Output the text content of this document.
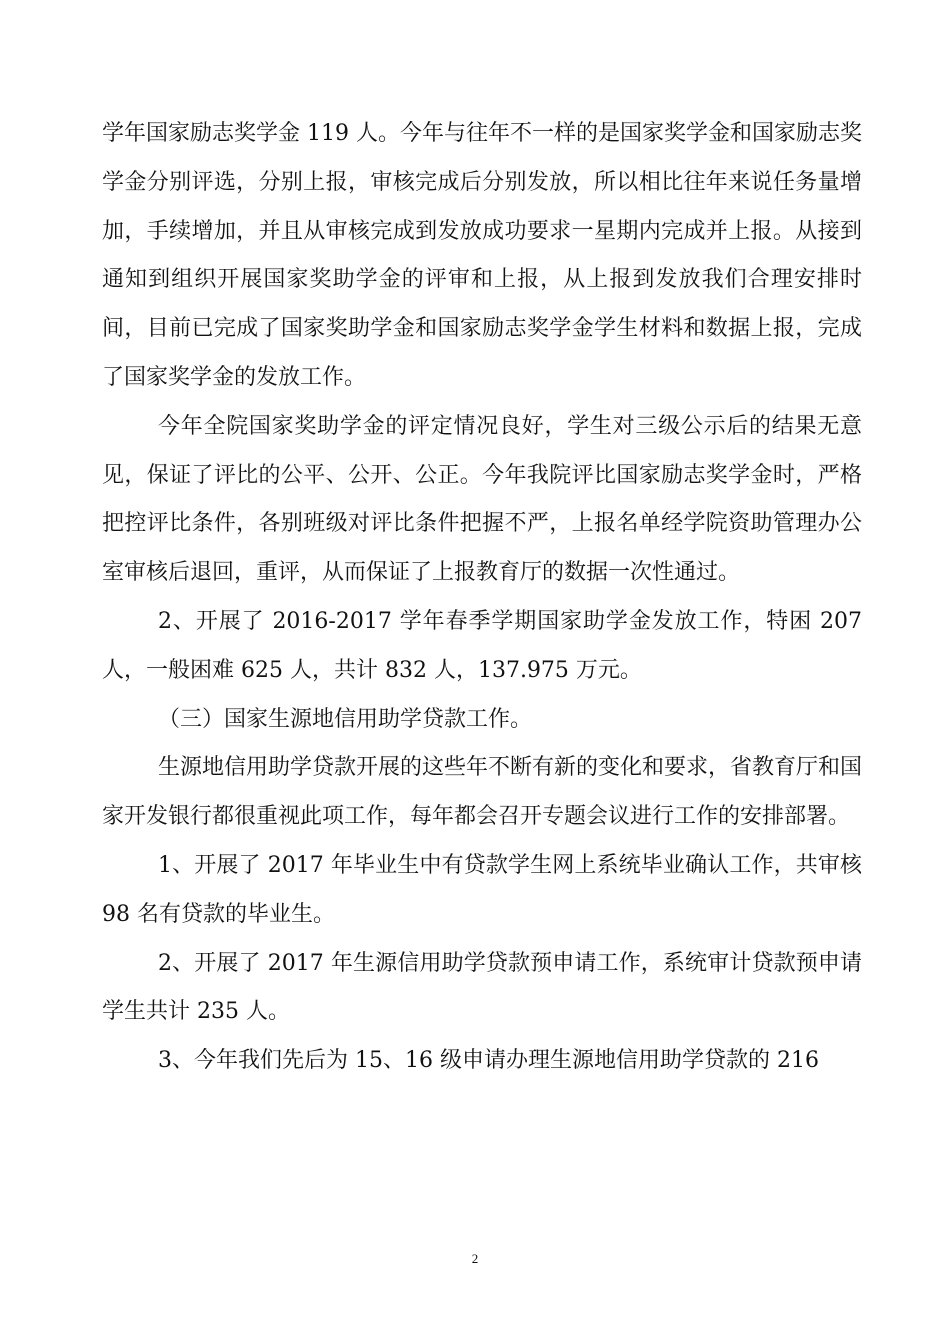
学年国家励志奖学金 119 人。今年与往年不一样的是国家奖学金和国家励志奖学金分别评选，分别上报，审核完成后分别发放，所以相比往年来说任务量增加，手续增加，并且从审核完成到发放成功要求一星期内完成并上报。从接到通知到组织开展国家奖助学金的评审和上报，从上报到发放我们合理安排时间，目前已完成了国家奖助学金和国家励志奖学金学生材料和数据上报，完成了国家奖学金的发放工作。

今年全院国家奖助学金的评定情况良好，学生对三级公示后的结果无意见，保证了评比的公平、公开、公正。今年我院评比国家励志奖学金时，严格把控评比条件，各别班级对评比条件把握不严，上报名单经学院资助管理办公室审核后退回，重评，从而保证了上报教育厅的数据一次性通过。

2、开展了 2016-2017 学年春季学期国家助学金发放工作，特困 207 人，一般困难 625 人，共计 832 人，137.975 万元。

（三）国家生源地信用助学贷款工作。

生源地信用助学贷款开展的这些年不断有新的变化和要求，省教育厅和国家开发银行都很重视此项工作，每年都会召开专题会议进行工作的安排部署。

1、开展了 2017 年毕业生中有贷款学生网上系统毕业确认工作，共审核 98 名有贷款的毕业生。

2、开展了 2017 年生源信用助学贷款预申请工作，系统审计贷款预申请学生共计 235 人。

3、今年我们先后为 15、16 级申请办理生源地信用助学贷款的 216

2
